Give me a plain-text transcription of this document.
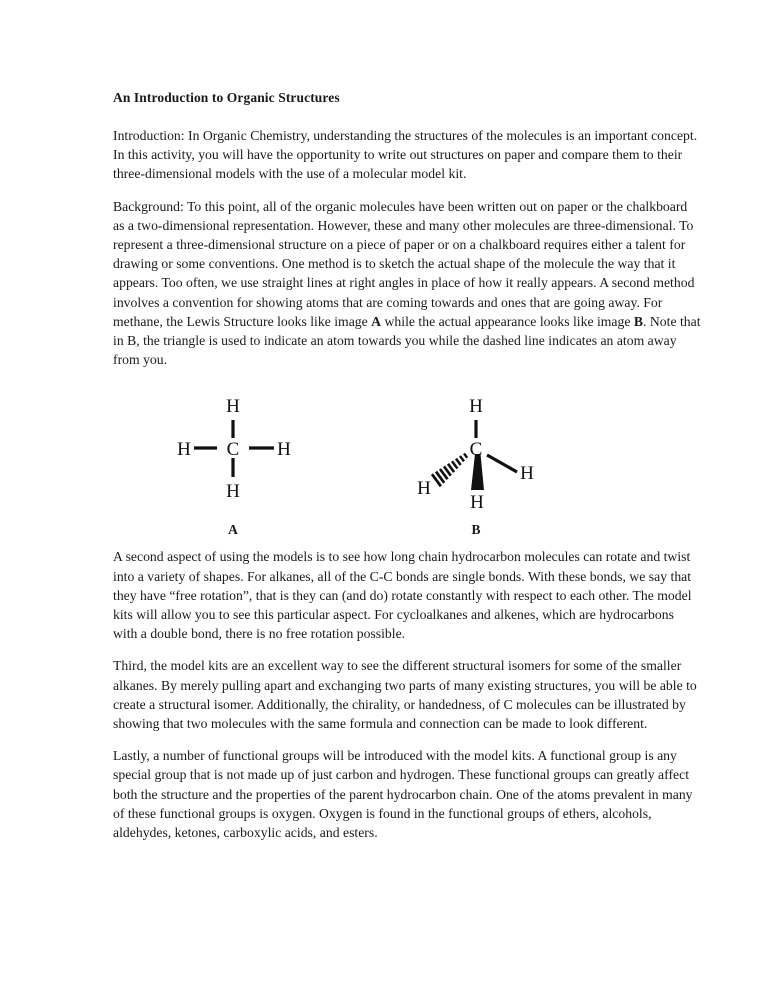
An Introduction to Organic Structures

Introduction: In Organic Chemistry, understanding the structures of the molecules is an important concept. In this activity, you will have the opportunity to write out structures on paper and compare them to their three-dimensional models with the use of a molecular model kit.

Background: To this point, all of the organic molecules have been written out on paper or the chalkboard as a two-dimensional representation. However, these and many other molecules are three-dimensional. To represent a three-dimensional structure on a piece of paper or on a chalkboard requires either a talent for drawing or some conventions. One method is to sketch the actual shape of the molecule the way that it appears. Too often, we use straight lines at right angles in place of how it really appears. A second method involves a convention for showing atoms that are coming towards and ones that are going away. For methane, the Lewis Structure looks like image A while the actual appearance looks like image B. Note that in B, the triangle is used to indicate an atom towards you while the dashed line indicates an atom away from you.

H
C
H	H
H
A
H
C
H
H
H
B

A second aspect of using the models is to see how long chain hydrocarbon molecules can rotate and twist into a variety of shapes. For alkanes, all of the C-C bonds are single bonds. With these bonds, we say that they have “free rotation”, that is they can (and do) rotate constantly with respect to each other. The model kits will allow you to see this particular aspect. For cycloalkanes and alkenes, which are hydrocarbons with a double bond, there is no free rotation possible.

Third, the model kits are an excellent way to see the different structural isomers for some of the smaller alkanes. By merely pulling apart and exchanging two parts of many existing structures, you will be able to create a structural isomer. Additionally, the chirality, or handedness, of C molecules can be illustrated by showing that two molecules with the same formula and connection can be made to look different.

Lastly, a number of functional groups will be introduced with the model kits. A functional group is any special group that is not made up of just carbon and hydrogen. These functional groups can greatly affect both the structure and the properties of the parent hydrocarbon chain. One of the atoms prevalent in many of these functional groups is oxygen. Oxygen is found in the functional groups of ethers, alcohols, aldehydes, ketones, carboxylic acids, and esters.
